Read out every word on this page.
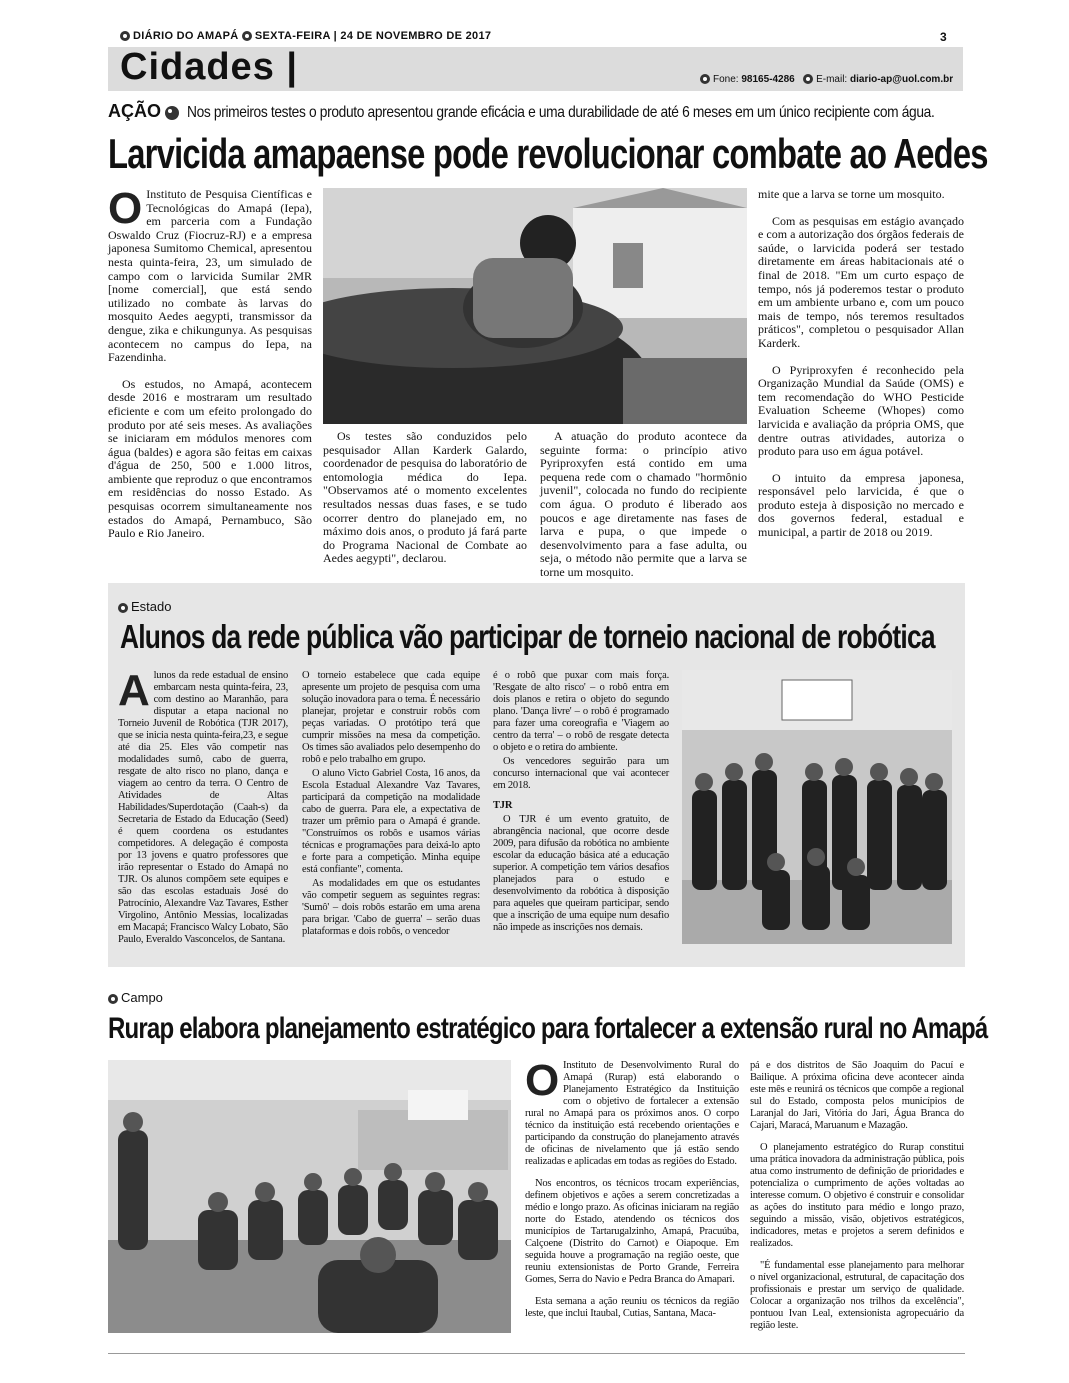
DIÁRIO DO AMAPÁ SEXTA-FEIRA | 24 DE NOVEMBRO DE 2017	3
Cidades |	Fone: 98165-4286 E-mail: diario-ap@uol.com.br
AÇÃO Nos primeiros testes o produto apresentou grande eficácia e uma durabilidade de até 6 meses em um único recipiente com água.
Larvicida amapaense pode revolucionar combate ao Aedes

O Instituto de Pesquisa Científicas e Tecnológicas do Amapá (Iepa), em parceria com a Fundação Oswaldo Cruz (Fiocruz-RJ) e a empresa japonesa Sumitomo Chemical, apresentou nesta quinta-feira, 23, um simulado de campo com o larvicida Sumilar 2MR [nome comercial], que está sendo utilizado no combate às larvas do mosquito Aedes aegypti, transmissor da dengue, zika e chikungunya. As pesquisas acontecem no campus do Iepa, na Fazendinha.

Os estudos, no Amapá, acontecem desde 2016 e mostraram um resultado eficiente e com um efeito prolongado do produto por até seis meses. As avaliações se iniciaram em módulos menores com água (baldes) e agora são feitas em caixas d'água de 250, 500 e 1.000 litros, ambiente que reproduz o que encontramos em residências do nosso Estado. As pesquisas ocorrem simultaneamente nos estados do Amapá, Pernambuco, São Paulo e Rio Janeiro.

Os testes são conduzidos pelo pesquisador Allan Karderk Galardo, coordenador de pesquisa do laboratório de entomologia médica do Iepa. "Observamos até o momento excelentes resultados nessas duas fases, e se tudo ocorrer dentro do planejado em, no máximo dois anos, o produto já fará parte do Programa Nacional de Combate ao Aedes aegypti", declarou.

A atuação do produto acontece da seguinte forma: o princípio ativo Pyriproxyfen está contido em uma pequena rede com o chamado "hormônio juvenil", colocada no fundo do recipiente com água. O produto é liberado aos poucos e age diretamente nas fases de larva e pupa, o que impede o desenvolvimento para a fase adulta, ou seja, o método não permite que a larva se torne um mosquito.

mite que a larva se torne um mosquito.

Com as pesquisas em estágio avançado e com a autorização dos órgãos federais de saúde, o larvicida poderá ser testado diretamente em áreas habitacionais até o final de 2018. "Em um curto espaço de tempo, nós já poderemos testar o produto em um ambiente urbano e, com um pouco mais de tempo, nós teremos resultados práticos", completou o pesquisador Allan Karderk.

O Pyriproxyfen é reconhecido pela Organização Mundial da Saúde (OMS) e tem recomendação do WHO Pesticide Evaluation Scheeme (Whopes) como larvicida e avaliação da própria OMS, que dentre outras atividades, autoriza o produto para uso em água potável.

O intuito da empresa japonesa, responsável pelo larvicida, é que o produto esteja à disposição no mercado e dos governos federal, estadual e municipal, a partir de 2018 ou 2019.

Estado
Alunos da rede pública vão participar de torneio nacional de robótica

Alunos da rede estadual de ensino embarcam nesta quinta-feira, 23, com destino ao Maranhão, para disputar a etapa nacional no Torneio Juvenil de Robótica (TJR 2017), que se inicia nesta quinta-feira,23, e segue até dia 25. Eles vão competir nas modalidades sumô, cabo de guerra, resgate de alto risco no plano, dança e viagem ao centro da terra. O Centro de Atividades de Altas Habilidades/Superdotação (Caah-s) da Secretaria de Estado da Educação (Seed) é quem coordena os estudantes competidores. A delegação é composta por 13 jovens e quatro professores que irão representar o Estado do Amapá no TJR. Os alunos compõem sete equipes e são das escolas estaduais José do Patrocínio, Alexandre Vaz Tavares, Esther Virgolino, Antônio Messias, localizadas em Macapá; Francisco Walcy Lobato, São Paulo, Everaldo Vasconcelos, de Santana.

O torneio estabelece que cada equipe apresente um projeto de pesquisa com uma solução inovadora para o tema. É necessário planejar, projetar e construir robôs com peças variadas. O protótipo terá que cumprir missões na mesa da competição. Os times são avaliados pelo desempenho do robô e pelo trabalho em grupo.

O aluno Victo Gabriel Costa, 16 anos, da Escola Estadual Alexandre Vaz Tavares, participará da competição na modalidade cabo de guerra. Para ele, a expectativa de trazer um prêmio para o Amapá é grande. "Construímos os robôs e usamos várias técnicas e programações para deixá-lo apto e forte para a competição. Minha equipe está confiante", comenta.

As modalidades em que os estudantes vão competir seguem as seguintes regras: 'Sumô' – dois robôs estarão em uma arena para brigar. 'Cabo de guerra' – serão duas plataformas e dois robôs, o vencedor

é o robô que puxar com mais força. 'Resgate de alto risco' – o robô entra em dois planos e retira o objeto do segundo plano. 'Dança livre' – o robô é programado para fazer uma coreografia e 'Viagem ao centro da terra' – o robô de resgate detecta o objeto e o retira do ambiente.

Os vencedores seguirão para um concurso internacional que vai acontecer em 2018.

TJR

O TJR é um evento gratuito, de abrangência nacional, que ocorre desde 2009, para difusão da robótica no ambiente escolar da educação básica até a educação superior. A competição tem vários desafios planejados para o estudo e desenvolvimento da robótica à disposição para aqueles que queiram participar, sendo que a inscrição de uma equipe num desafio não impede as inscrições nos demais.

Campo
Rurap elabora planejamento estratégico para fortalecer a extensão rural no Amapá

O Instituto de Desenvolvimento Rural do Amapá (Rurap) está elaborando o Planejamento Estratégico da Instituição com o objetivo de fortalecer a extensão rural no Amapá para os próximos anos. O corpo técnico da instituição está recebendo orientações e participando da construção do planejamento através de oficinas de nivelamento que já estão sendo realizadas e aplicadas em todas as regiões do Estado.

Nos encontros, os técnicos trocam experiências, definem objetivos e ações a serem concretizadas a médio e longo prazo. As oficinas iniciaram na região norte do Estado, atendendo os técnicos dos municípios de Tartarugalzinho, Amapá, Pracuúba, Calçoene (Distrito do Carnot) e Oiapoque. Em seguida houve a programação na região oeste, que reuniu extensionistas de Porto Grande, Ferreira Gomes, Serra do Navio e Pedra Branca do Amapari.

Esta semana a ação reuniu os técnicos da região leste, que inclui Itaubal, Cutias, Santana, Maca-

pá e dos distritos de São Joaquim do Pacuí e Bailique. A próxima oficina deve acontecer ainda este mês e reunirá os técnicos que compõe a regional sul do Estado, composta pelos municípios de Laranjal do Jari, Vitória do Jari, Água Branca do Cajari, Maracá, Maruanum e Mazagão.

O planejamento estratégico do Rurap constitui uma prática inovadora da administração pública, pois atua como instrumento de definição de prioridades e potencializa o cumprimento de ações voltadas ao interesse comum. O objetivo é construir e consolidar as ações do instituto para médio e longo prazo, seguindo a missão, visão, objetivos estratégicos, indicadores, metas e projetos a serem definidos e realizados.

"É fundamental esse planejamento para melhorar o nível organizacional, estrutural, de capacitação dos profissionais e prestar um serviço de qualidade. Colocar a organização nos trilhos da excelência", pontuou Ivan Leal, extensionista agropecuário da região leste.
